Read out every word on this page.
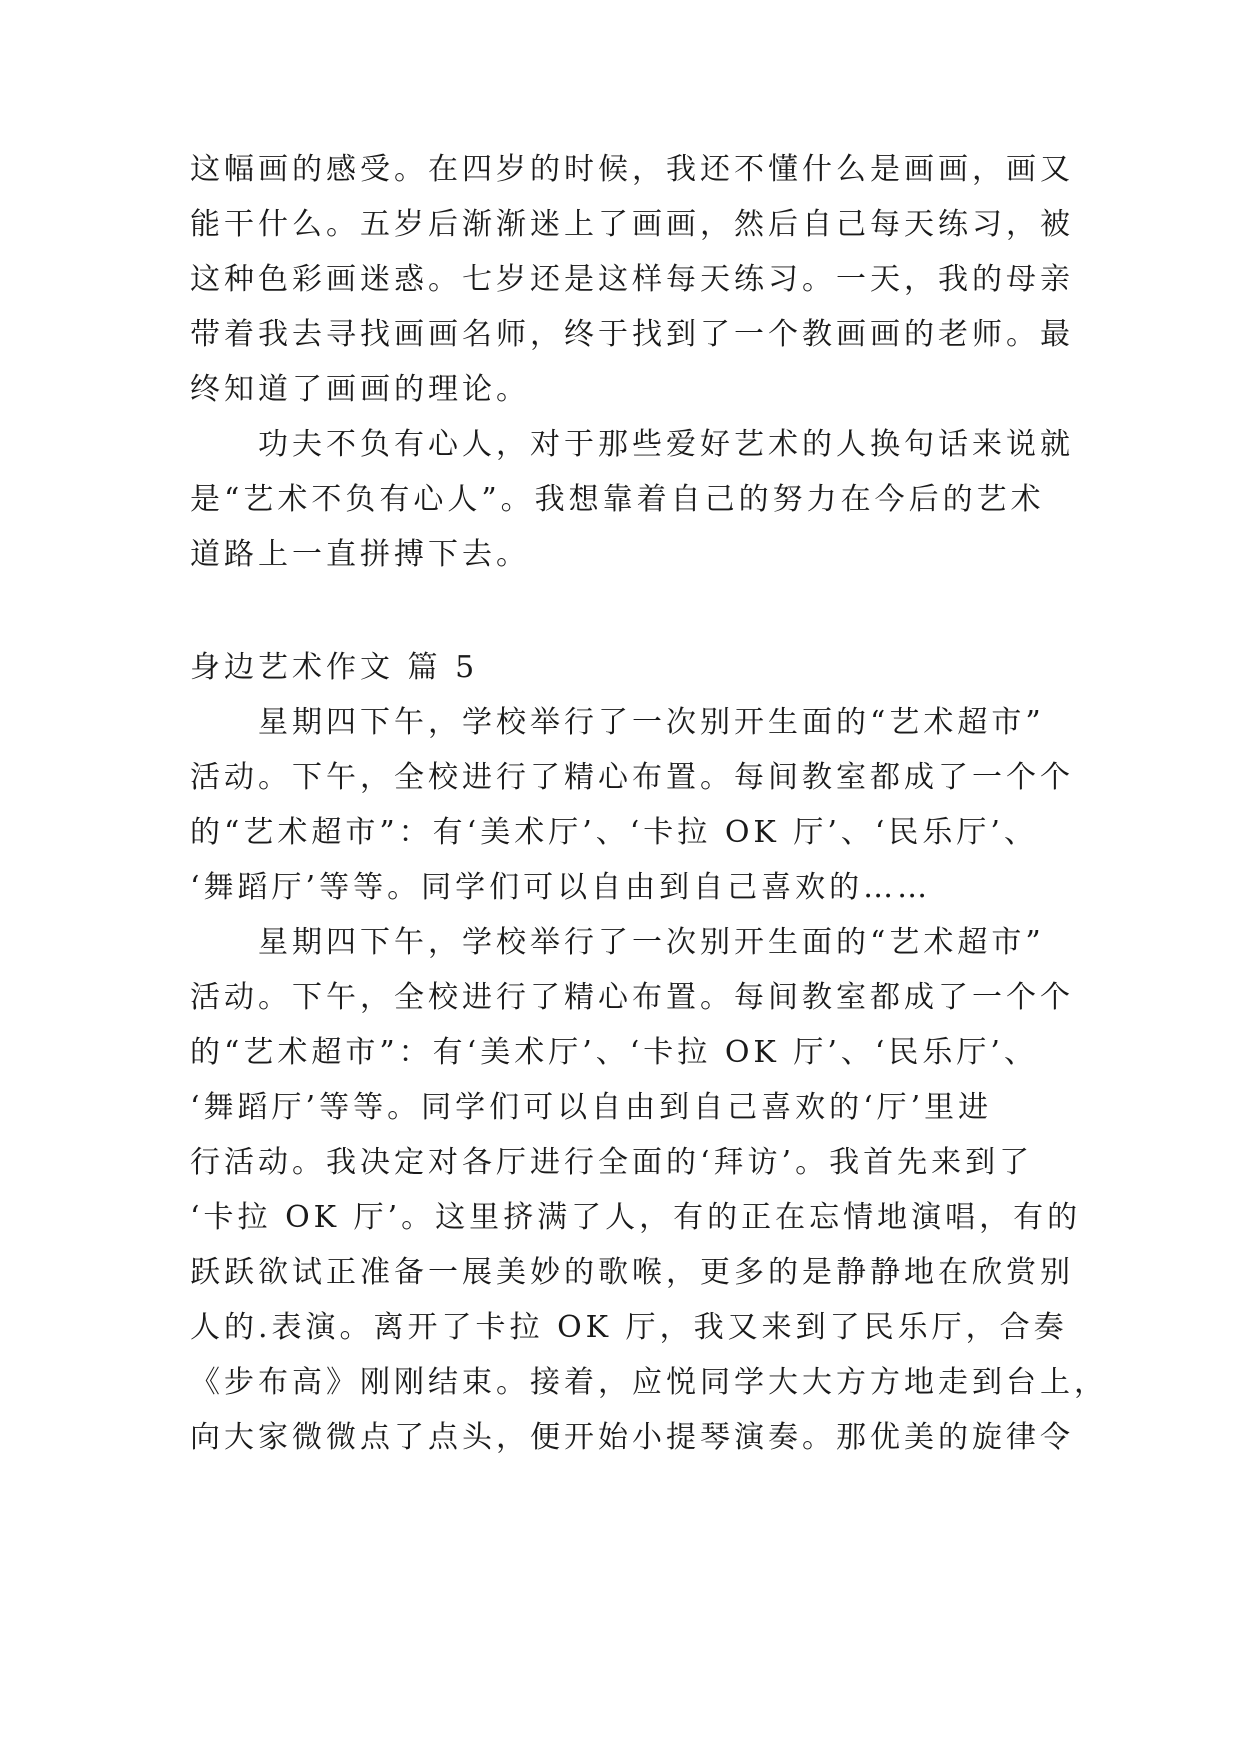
这幅画的感受。在四岁的时候，我还不懂什么是画画，画又
能干什么。五岁后渐渐迷上了画画，然后自己每天练习，被
这种色彩画迷惑。七岁还是这样每天练习。一天，我的母亲
带着我去寻找画画名师，终于找到了一个教画画的老师。最
终知道了画画的理论。
功夫不负有心人，对于那些爱好艺术的人换句话来说就
是“艺术不负有心人”。我想靠着自己的努力在今后的艺术
道路上一直拼搏下去。
身边艺术作文 篇 5
星期四下午，学校举行了一次别开生面的“艺术超市”
活动。下午，全校进行了精心布置。每间教室都成了一个个
的“艺术超市”：有‘美术厅’、‘卡拉 OK 厅’、‘民乐厅’、
‘舞蹈厅’等等。同学们可以自由到自己喜欢的……
星期四下午，学校举行了一次别开生面的“艺术超市”
活动。下午，全校进行了精心布置。每间教室都成了一个个
的“艺术超市”：有‘美术厅’、‘卡拉 OK 厅’、‘民乐厅’、
‘舞蹈厅’等等。同学们可以自由到自己喜欢的‘厅’里进
行活动。我决定对各厅进行全面的‘拜访’。我首先来到了
‘卡拉 OK 厅’。这里挤满了人，有的正在忘情地演唱，有的
跃跃欲试正准备一展美妙的歌喉，更多的是静静地在欣赏别
人的.表演。离开了卡拉 OK 厅，我又来到了民乐厅，合奏
《步布高》刚刚结束。接着，应悦同学大大方方地走到台上，
向大家微微点了点头，便开始小提琴演奏。那优美的旋律令
